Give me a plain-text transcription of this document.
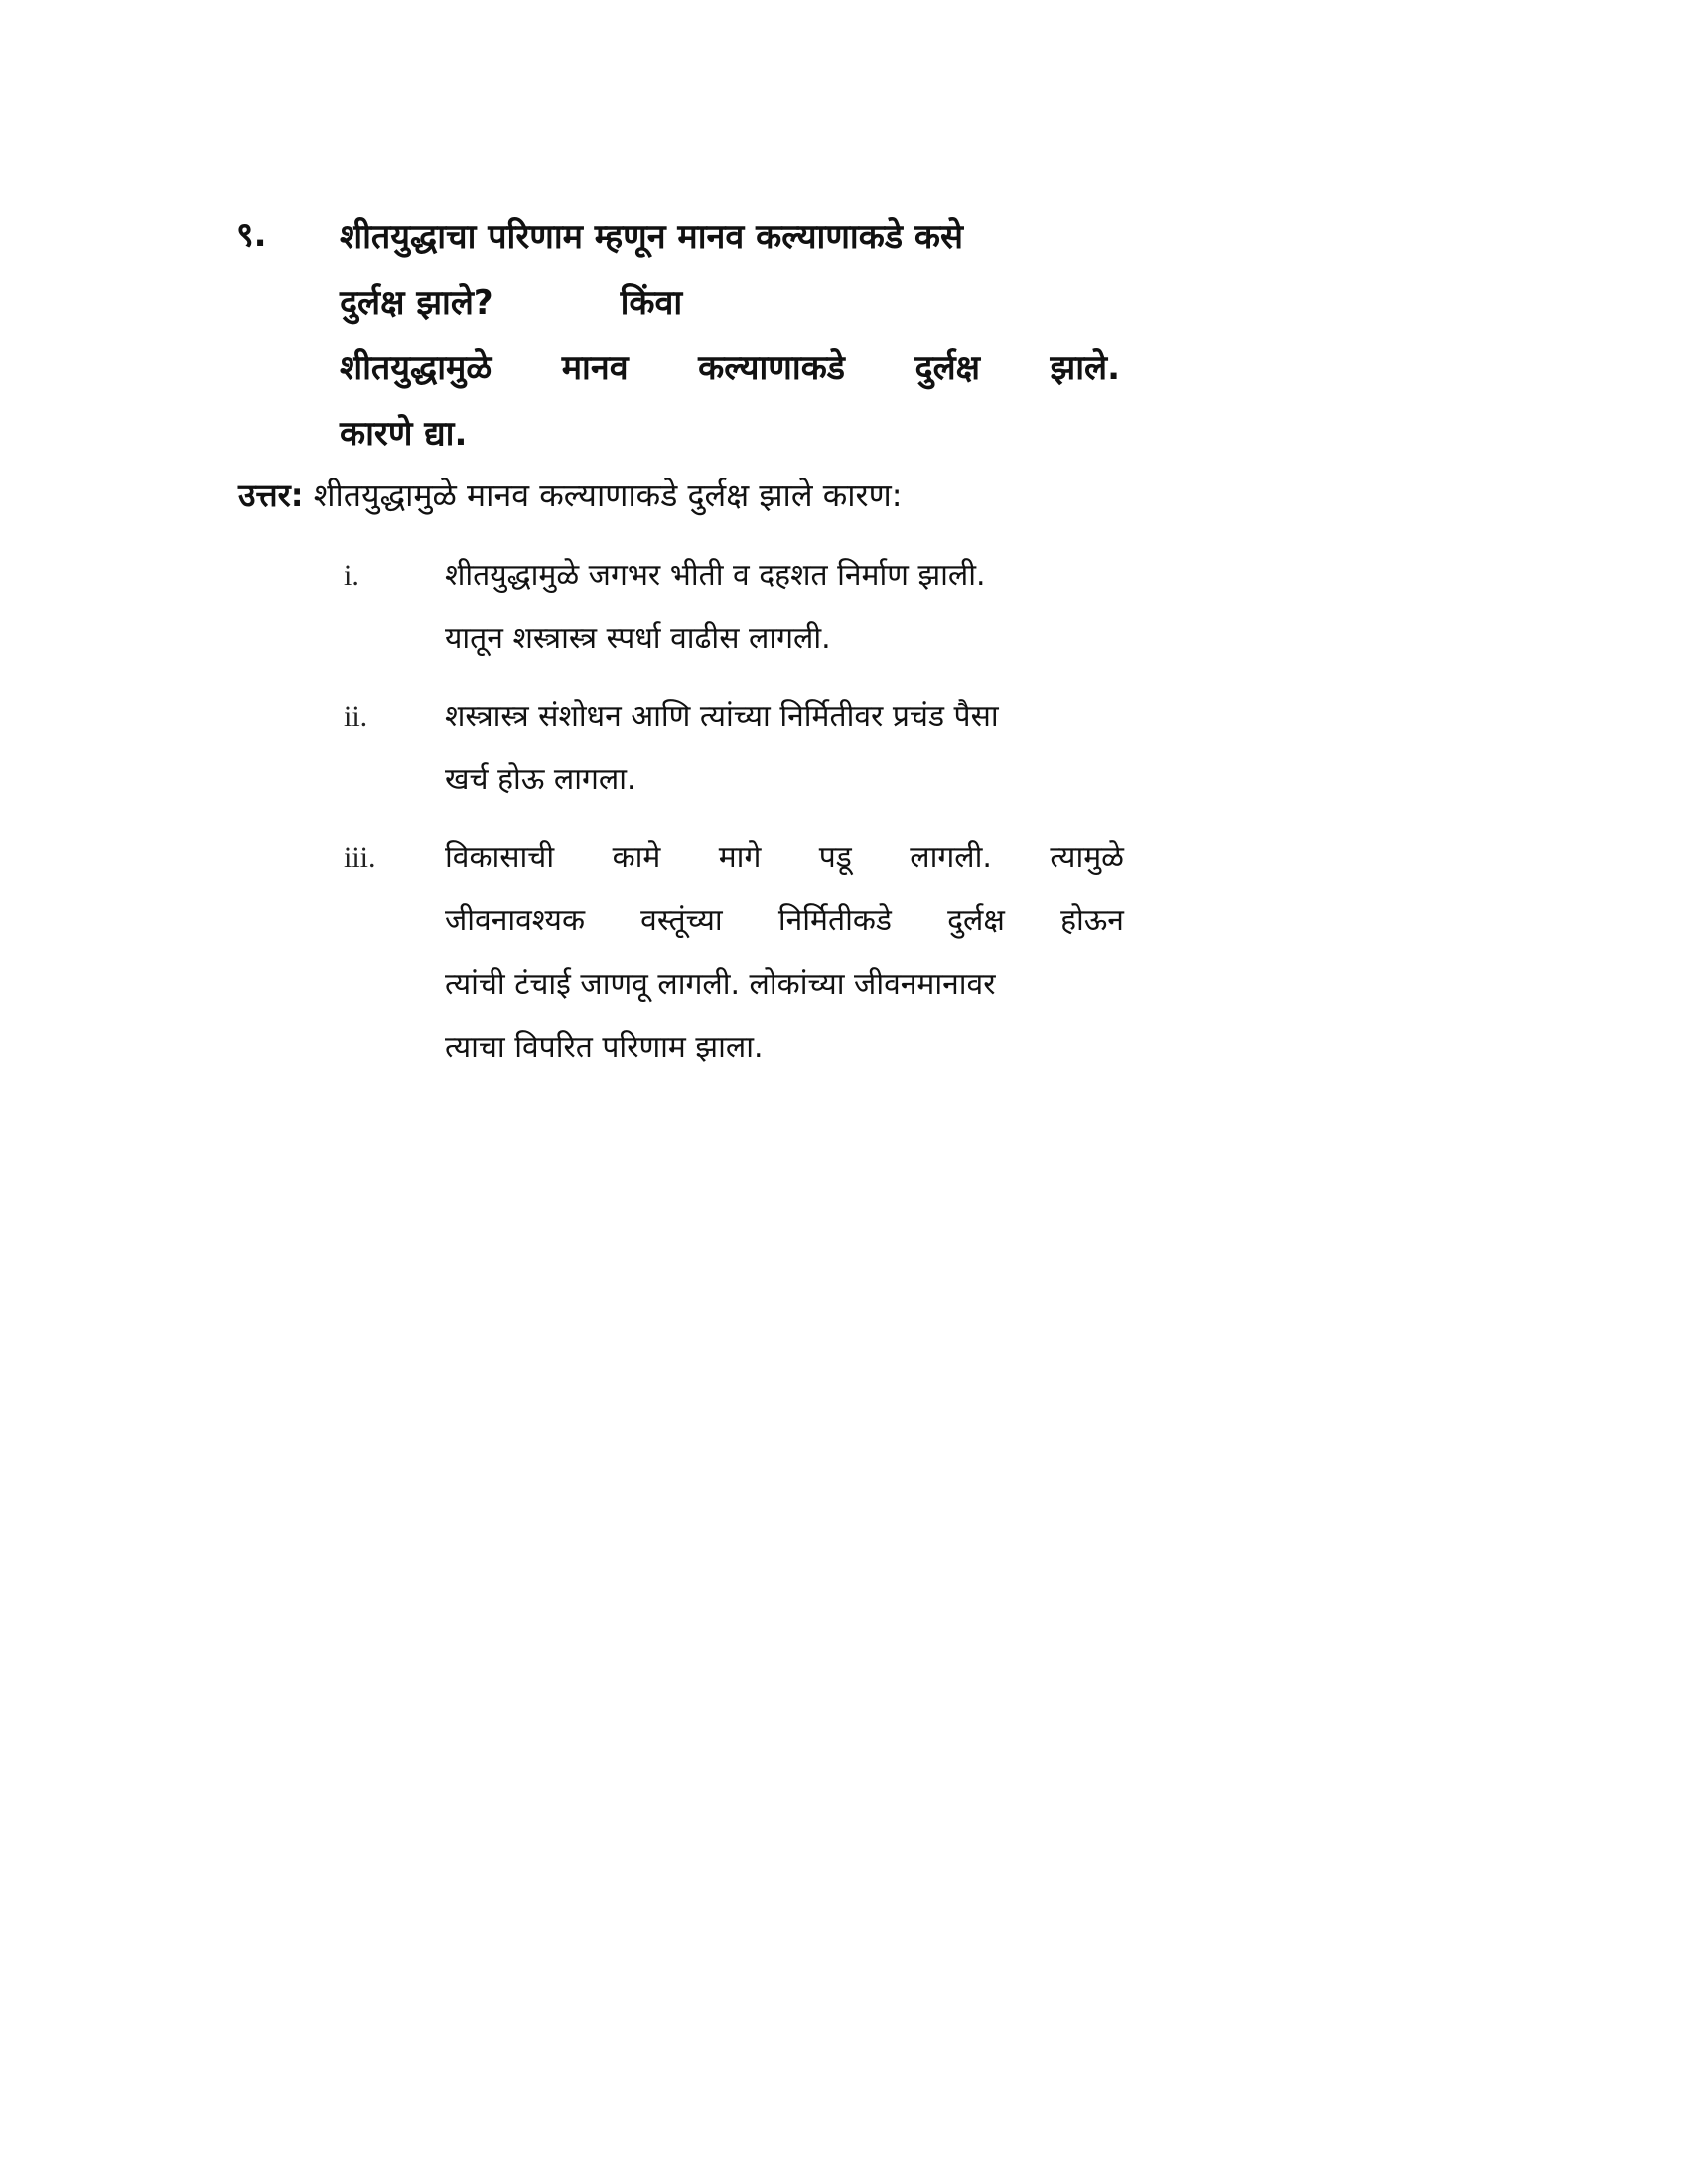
९. शीतयुद्धाचा परिणाम म्हणून मानव कल्याणाकडे कसे
दुर्लक्ष झाले?	किंवा
शीतयुद्धामुळे मानव कल्याणाकडे दुर्लक्ष झाले.
कारणे द्या.
उत्तर: शीतयुद्धामुळे मानव कल्याणाकडे दुर्लक्ष झाले कारण:
i.	शीतयुद्धामुळे जगभर भीती व दहशत निर्माण झाली.
यातून शस्त्रास्त्र स्पर्धा वाढीस लागली.
ii.	शस्त्रास्त्र संशोधन आणि त्यांच्या निर्मितीवर प्रचंड पैसा
खर्च होऊ लागला.
iii.	विकासाची कामे मागे पडू लागली. त्यामुळे
जीवनावश्यक वस्तूंच्या निर्मितीकडे दुर्लक्ष होऊन
त्यांची टंचाई जाणवू लागली. लोकांच्या जीवनमानावर
त्याचा विपरित परिणाम झाला.
